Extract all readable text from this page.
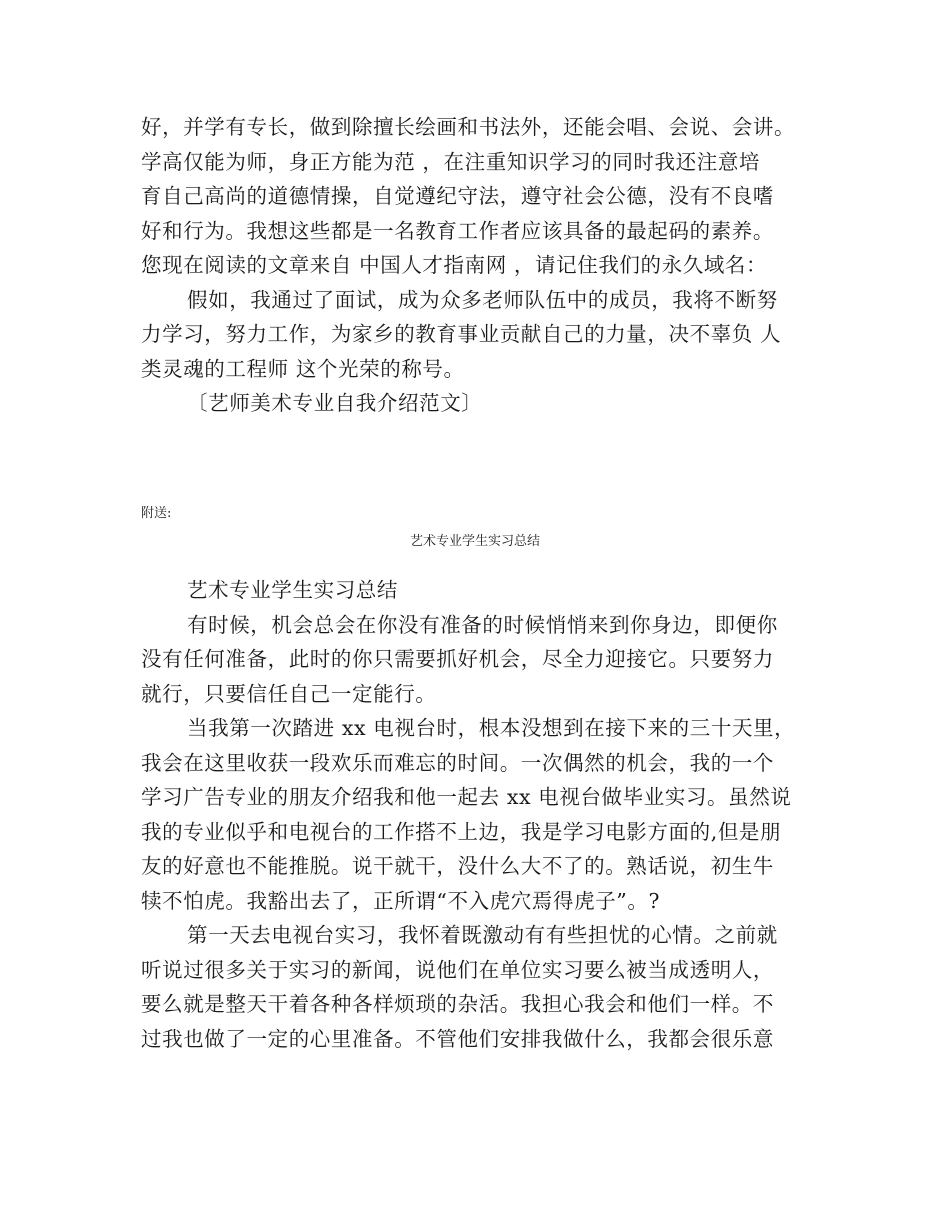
好，并学有专长，做到除擅长绘画和书法外，还能会唱、会说、会讲。
学高仅能为师，身正方能为范 ，在注重知识学习的同时我还注意培
育自己高尚的道德情操，自觉遵纪守法，遵守社会公德，没有不良嗜
好和行为。我想这些都是一名教育工作者应该具备的最起码的素养。
您现在阅读的文章来自 中国人才指南网 ，请记住我们的永久域名：
假如，我通过了面试，成为众多老师队伍中的成员，我将不断努
力学习，努力工作，为家乡的教育事业贡献自己的力量，决不辜负 人
类灵魂的工程师 这个光荣的称号。
〔艺师美术专业自我介绍范文〕
附送:
艺术专业学生实习总结
艺术专业学生实习总结
有时候，机会总会在你没有准备的时候悄悄来到你身边，即便你
没有任何准备，此时的你只需要抓好机会，尽全力迎接它。只要努力
就行，只要信任自己一定能行。
当我第一次踏进 xx 电视台时，根本没想到在接下来的三十天里，
我会在这里收获一段欢乐而难忘的时间。一次偶然的机会，我的一个
学习广告专业的朋友介绍我和他一起去 xx 电视台做毕业实习。虽然说
我的专业似乎和电视台的工作搭不上边，我是学习电影方面的,但是朋
友的好意也不能推脱。说干就干，没什么大不了的。熟话说，初生牛
犊不怕虎。我豁出去了，正所谓“不入虎穴焉得虎子”。?
第一天去电视台实习，我怀着既激动有有些担忧的心情。之前就
听说过很多关于实习的新闻，说他们在单位实习要么被当成透明人，
要么就是整天干着各种各样烦琐的杂活。我担心我会和他们一样。不
过我也做了一定的心里准备。不管他们安排我做什么，我都会很乐意
